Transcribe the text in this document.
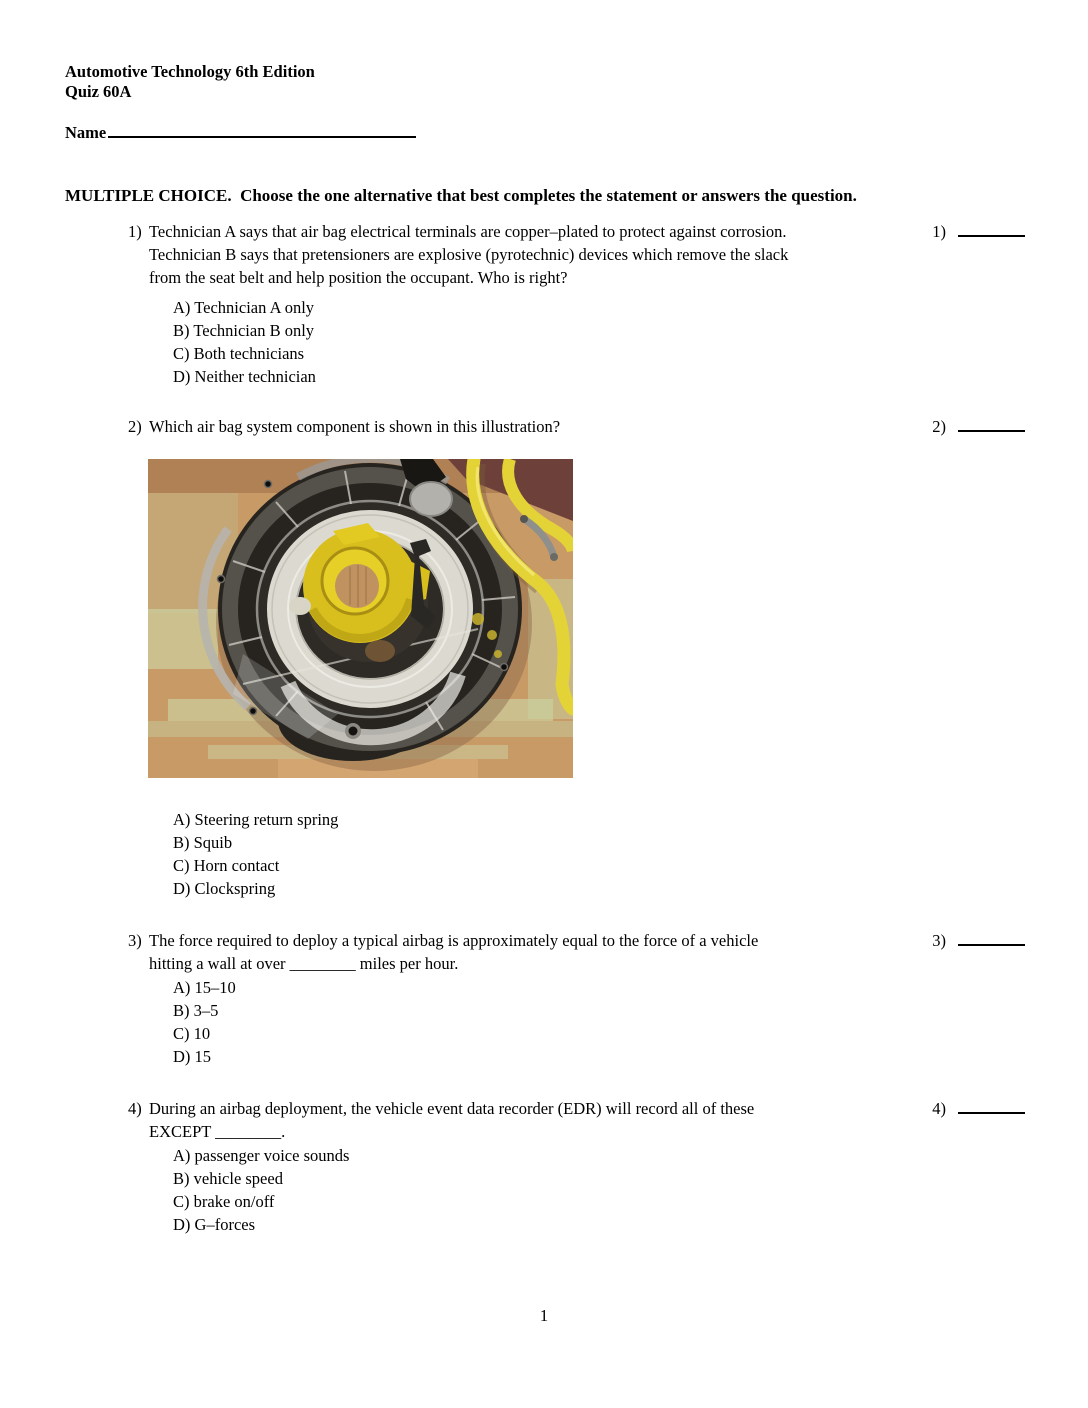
Automotive Technology 6th Edition
Quiz 60A
Name
MULTIPLE CHOICE.  Choose the one alternative that best completes the statement or answers the question.
1) Technician A says that air bag electrical terminals are copper–plated to protect against corrosion.
Technician B says that pretensioners are explosive (pyrotechnic) devices which remove the slack
from the seat belt and help position the occupant. Who is right?
A) Technician A only
B) Technician B only
C) Both technicians
D) Neither technician
1)
2) Which air bag system component is shown in this illustration?
A) Steering return spring
B) Squib
C) Horn contact
D) Clockspring
2)
3) The force required to deploy a typical airbag is approximately equal to the force of a vehicle
hitting a wall at over ________ miles per hour.
A) 15–10
B) 3–5
C) 10
D) 15
3)
4) During an airbag deployment, the vehicle event data recorder (EDR) will record all of these
EXCEPT ________.
A) passenger voice sounds
B) vehicle speed
C) brake on/off
D) G–forces
4)
1
